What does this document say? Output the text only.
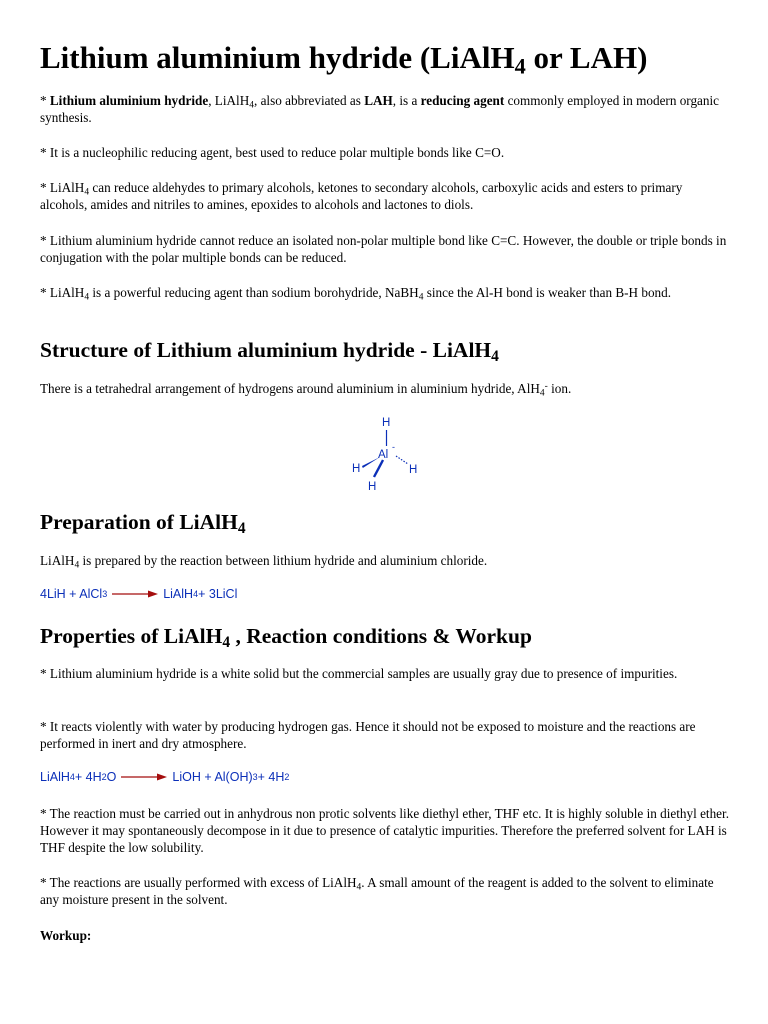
Lithium aluminium hydride (LiAlH$_4$ or LAH)

* Lithium aluminium hydride, LiAlH$_4$, also abbreviated as LAH, is a reducing agent commonly employed in modern organic synthesis.

* It is a nucleophilic reducing agent, best used to reduce polar multiple bonds like C=O.

* LiAlH$_4$ can reduce aldehydes to primary alcohols, ketones to secondary alcohols, carboxylic acids and esters to primary alcohols, amides and nitriles to amines, epoxides to alcohols and lactones to diols.

* Lithium aluminium hydride cannot reduce an isolated non-polar multiple bond like C=C. However, the double or triple bonds in conjugation with the polar multiple bonds can be reduced.

* LiAlH$_4$ is a powerful reducing agent than sodium borohydride, NaBH$_4$ since the Al-H bond is weaker than B-H bond.

Structure of Lithium aluminium hydride - LiAlH$_4$

There is a tetrahedral arrangement of hydrogens around aluminium in aluminium hydride, AlH$_4$- ion.

H
Al
-
H	H
H
Preparation of LiAlH$_4$

LiAlH$_4$ is prepared by the reaction between lithium hydride and aluminium chloride.

4LiH + AlCl 3 → LiAlH 4 + 3LiCl
Properties of LiAlH$_4$ , Reaction conditions & Workup

* Lithium aluminium hydride is a white solid but the commercial samples are usually gray due to presence of impurities.

* It reacts violently with water by producing hydrogen gas. Hence it should not be exposed to moisture and the reactions are performed in inert and dry atmosphere.

LiAlH 4 + 4H 2 O → LiOH + Al(OH) 3 + 4H 2

* The reaction must be carried out in anhydrous non protic solvents like diethyl ether, THF etc. It is highly soluble in diethyl ether. However it may spontaneously decompose in it due to presence of catalytic impurities. Therefore the preferred solvent for LAH is THF despite the low solubility.

* The reactions are usually performed with excess of LiAlH$_4$. A small amount of the reagent is added to the solvent to eliminate any moisture present in the solvent.

Workup:
